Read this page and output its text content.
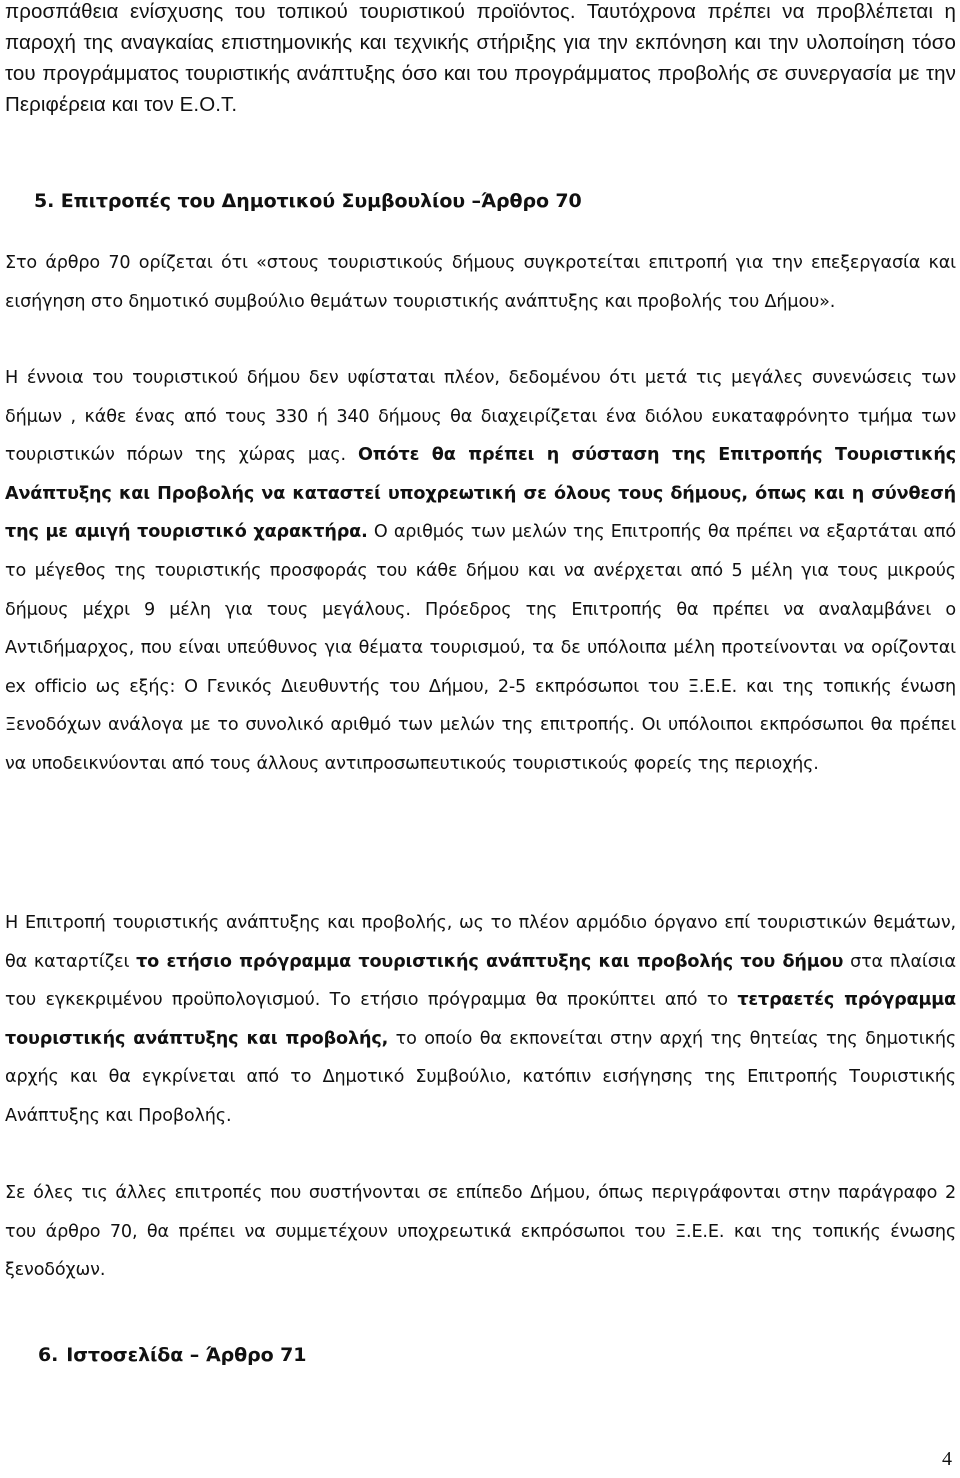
προσπάθεια ενίσχυσης του τοπικού τουριστικού προϊόντος. Ταυτόχρονα πρέπει να προβλέπεται η παροχή της αναγκαίας επιστημονικής και τεχνικής στήριξης για την εκπόνηση και την υλοποίηση τόσο του προγράμματος τουριστικής ανάπτυξης όσο και του προγράμματος προβολής σε συνεργασία με την Περιφέρεια και τον Ε.Ο.Τ.

5. Επιτροπές του Δημοτικού Συμβουλίου –Άρθρο 70

Στο άρθρο 70 ορίζεται ότι «στους τουριστικούς δήμους συγκροτείται επιτροπή για την επεξεργασία και εισήγηση στο δημοτικό συμβούλιο θεμάτων τουριστικής ανάπτυξης και προβολής του Δήμου».

Η έννοια του τουριστικού δήμου δεν υφίσταται πλέον, δεδομένου ότι μετά τις μεγάλες συνενώσεις των δήμων , κάθε ένας από τους 330 ή 340 δήμους θα διαχειρίζεται ένα διόλου ευκαταφρόνητο τμήμα των τουριστικών πόρων της χώρας μας. Οπότε θα πρέπει η σύσταση της Επιτροπής Τουριστικής Ανάπτυξης και Προβολής να καταστεί υποχρεωτική σε όλους τους δήμους, όπως και η σύνθεσή της με αμιγή τουριστικό χαρακτήρα. Ο αριθμός των μελών της Επιτροπής θα πρέπει να εξαρτάται από το μέγεθος της τουριστικής προσφοράς του κάθε δήμου και να ανέρχεται από 5 μέλη για τους μικρούς δήμους μέχρι 9 μέλη για τους μεγάλους. Πρόεδρος της Επιτροπής θα πρέπει να αναλαμβάνει ο Αντιδήμαρχος, που είναι υπεύθυνος για θέματα τουρισμού, τα δε υπόλοιπα μέλη προτείνονται να ορίζονται ex officio ως εξής: Ο Γενικός Διευθυντής του Δήμου, 2-5 εκπρόσωποι του Ξ.Ε.Ε. και της τοπικής ένωση Ξενοδόχων ανάλογα με το συνολικό αριθμό των μελών της επιτροπής. Οι υπόλοιποι εκπρόσωποι θα πρέπει να υποδεικνύονται από τους άλλους αντιπροσωπευτικούς τουριστικούς φορείς της περιοχής.

Η Επιτροπή τουριστικής ανάπτυξης και προβολής, ως το πλέον αρμόδιο όργανο επί τουριστικών θεμάτων, θα καταρτίζει το ετήσιο πρόγραμμα τουριστικής ανάπτυξης και προβολής του δήμου στα πλαίσια του εγκεκριμένου προϋπολογισμού. Το ετήσιο πρόγραμμα θα προκύπτει από το τετραετές πρόγραμμα τουριστικής ανάπτυξης και προβολής, το οποίο θα εκπονείται στην αρχή της θητείας της δημοτικής αρχής και θα εγκρίνεται από το Δημοτικό Συμβούλιο, κατόπιν εισήγησης της Επιτροπής Τουριστικής Ανάπτυξης και Προβολής.

Σε όλες τις άλλες επιτροπές που συστήνονται σε επίπεδο Δήμου, όπως περιγράφονται στην παράγραφο 2 του άρθρο 70, θα πρέπει να συμμετέχουν υποχρεωτικά εκπρόσωποι του Ξ.Ε.Ε. και της τοπικής ένωσης ξενοδόχων.

6. Ιστοσελίδα – Άρθρο 71

4
